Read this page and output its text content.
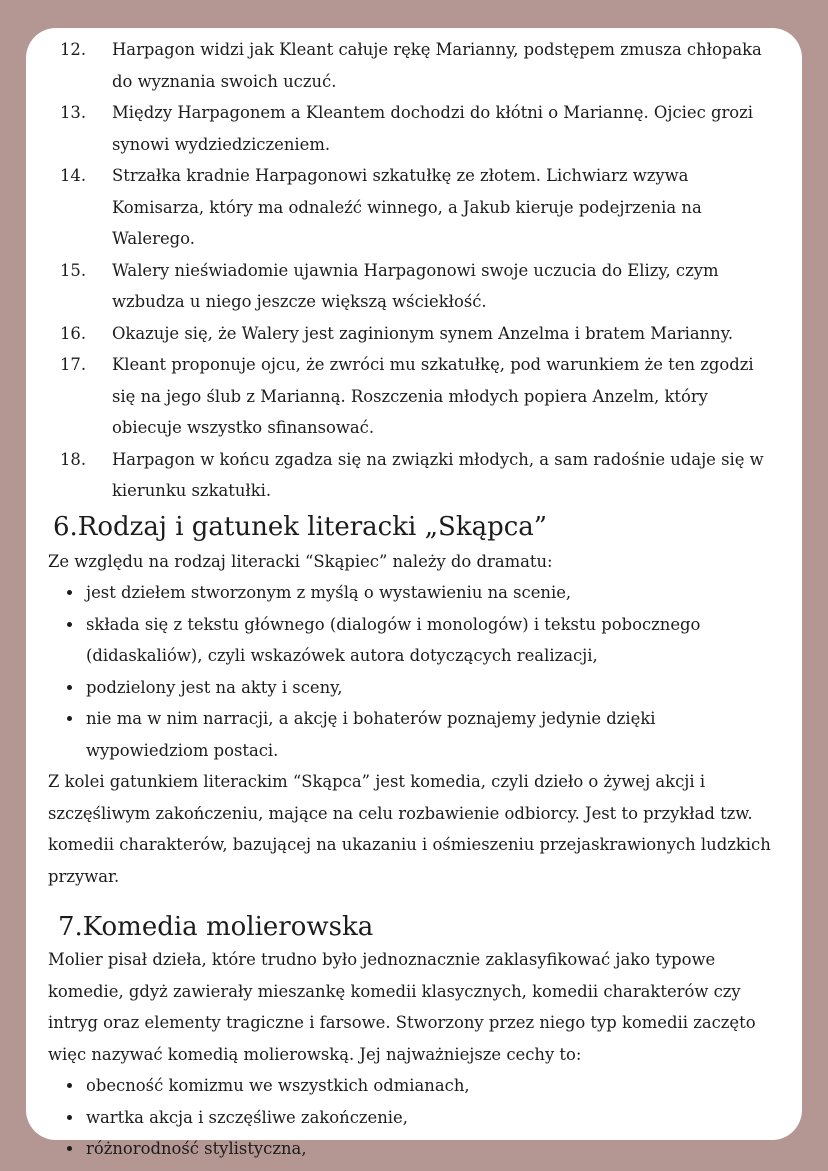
12.	Harpagon widzi jak Kleant całuje rękę Marianny, podstępem zmusza chłopaka do wyznania swoich uczuć.
13.	Między Harpagonem a Kleantem dochodzi do kłótni o Mariannę. Ojciec grozi synowi wydziedziczeniem.
14.	Strzałka kradnie Harpagonowi szkatułkę ze złotem. Lichwiarz wzywa Komisarza, który ma odnaleźć winnego, a Jakub kieruje podejrzenia na Walerego.
15.	Walery nieświadomie ujawnia Harpagonowi swoje uczucia do Elizy, czym wzbudza u niego jeszcze większą wściekłość.
16.	Okazuje się, że Walery jest zaginionym synem Anzelma i bratem Marianny.
17.	Kleant proponuje ojcu, że zwróci mu szkatułkę, pod warunkiem że ten zgodzi się na jego ślub z Marianną. Roszczenia młodych popiera Anzelm, który obiecuje wszystko sfinansować.
18.	Harpagon w końcu zgadza się na związki młodych, a sam radośnie udaje się w kierunku szkatułki.
6.Rodzaj i gatunek literacki „Skąpca”

Ze względu na rodzaj literacki “Skąpiec” należy do dramatu:

jest dziełem stworzonym z myślą o wystawieniu na scenie,
składa się z tekstu głównego (dialogów i monologów) i tekstu pobocznego (didaskaliów), czyli wskazówek autora dotyczących realizacji,
podzielony jest na akty i sceny,
nie ma w nim narracji, a akcję i bohaterów poznajemy jedynie dzięki wypowiedziom postaci.

Z kolei gatunkiem literackim “Skąpca” jest komedia, czyli dzieło o żywej akcji i szczęśliwym zakończeniu, mające na celu rozbawienie odbiorcy. Jest to przykład tzw. komedii charakterów, bazującej na ukazaniu i ośmieszeniu przejaskrawionych ludzkich przywar.

7.Komedia molierowska

Molier pisał dzieła, które trudno było jednoznacznie zaklasyfikować jako typowe komedie, gdyż zawierały mieszankę komedii klasycznych, komedii charakterów czy intryg oraz elementy tragiczne i farsowe. Stworzony przez niego typ komedii zaczęto więc nazywać komedią molierowską. Jej najważniejsze cechy to:

obecność komizmu we wszystkich odmianach,
wartka akcja i szczęśliwe zakończenie,
różnorodność stylistyczna,
